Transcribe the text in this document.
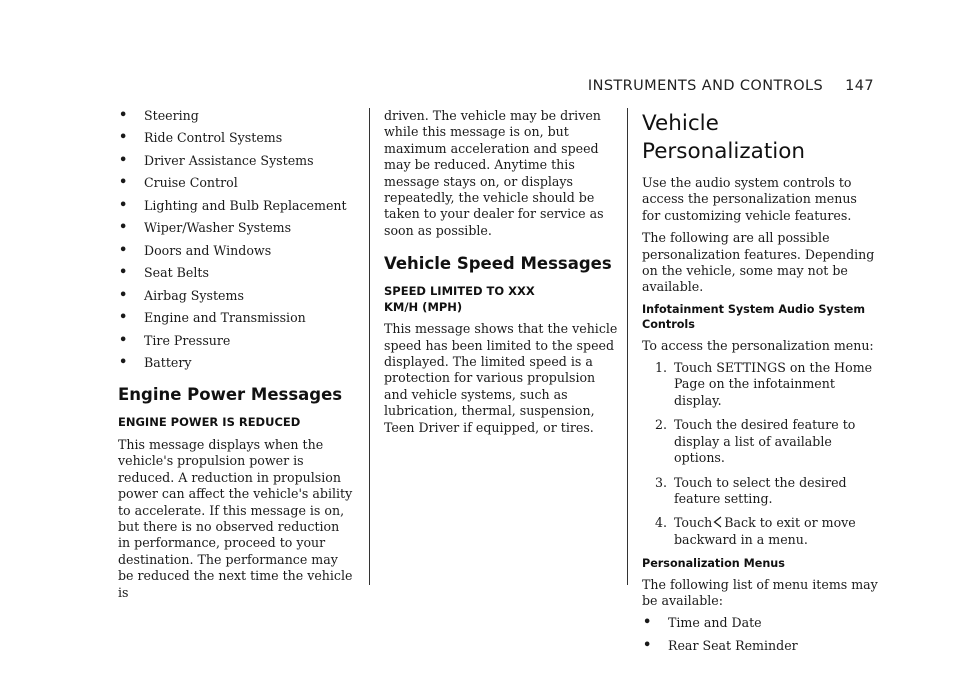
INSTRUMENTS AND CONTROLS 147
• Steering
• Ride Control Systems
• Driver Assistance Systems
• Cruise Control
• Lighting and Bulb Replacement
• Wiper/Washer Systems
• Doors and Windows
• Seat Belts
• Airbag Systems
• Engine and Transmission
• Tire Pressure
• Battery
Engine Power Messages
ENGINE POWER IS REDUCED

This message displays when the vehicle's propulsion power is reduced. A reduction in propulsion power can affect the vehicle's ability to accelerate. If this message is on, but there is no observed reduction in performance, proceed to your destination. The performance may be reduced the next time the vehicle is

driven. The vehicle may be driven while this message is on, but maximum acceleration and speed may be reduced. Anytime this message stays on, or displays repeatedly, the vehicle should be taken to your dealer for service as soon as possible.

Vehicle Speed Messages
SPEED LIMITED TO XXX
KM/H (MPH)

This message shows that the vehicle speed has been limited to the speed displayed. The limited speed is a protection for various propulsion and vehicle systems, such as lubrication, thermal, suspension, Teen Driver if equipped, or tires.

Vehicle Personalization

Use the audio system controls to access the personalization menus for customizing vehicle features.

The following are all possible personalization features. Depending on the vehicle, some may not be available.

Infotainment System Audio System Controls

To access the personalization menu:

1. Touch SETTINGS on the Home Page on the infotainment display.
2. Touch the desired feature to display a list of available options.
3. Touch to select the desired feature setting.
4. Touch Back to exit or move backward in a menu.
Personalization Menus

The following list of menu items may be available:

• Time and Date
• Rear Seat Reminder
